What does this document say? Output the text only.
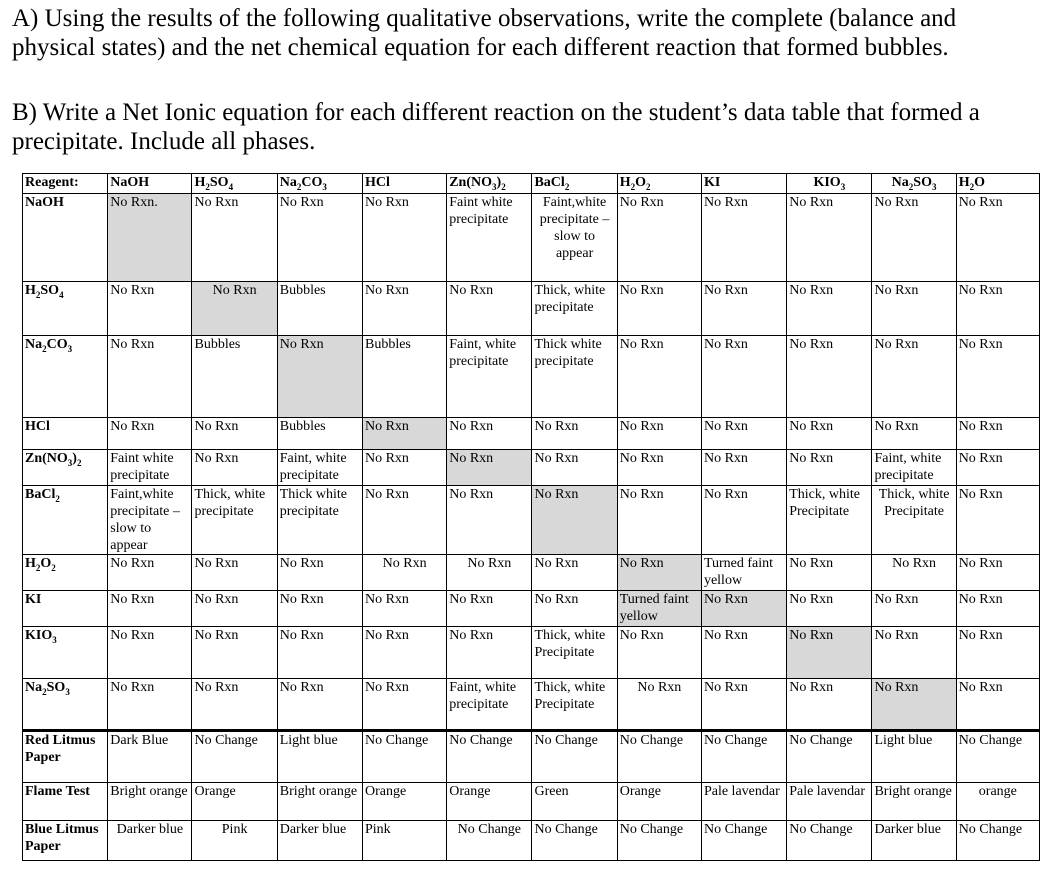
A) Using the results of the following qualitative observations, write the complete (balance and physical states) and the net chemical equation for each different reaction that formed bubbles.
B) Write a Net Ionic equation for each different reaction on the student’s data table that formed a precipitate. Include all phases.
Reagent:	NaOH	$H_2SO_4$	$Na_2CO_3$	HCl	$Zn(NO_3)_2$	BaCl$_2$	$H_2O_2$	KI	$KIO_3$	$Na_2SO_3$	$H_2O$
NaOH	No Rxn.	No Rxn	No Rxn	No Rxn	Faint white precipitate	Faint,white precipitate –slow to appear	No Rxn	No Rxn	No Rxn	No Rxn	No Rxn
$H_2SO_4$	No Rxn	No Rxn	Bubbles	No Rxn	No Rxn	Thick, white precipitate	No Rxn	No Rxn	No Rxn	No Rxn	No Rxn
$Na_2CO_3$	No Rxn	Bubbles	No Rxn	Bubbles	Faint, white precipitate	Thick white precipitate	No Rxn	No Rxn	No Rxn	No Rxn	No Rxn
HCl	No Rxn	No Rxn	Bubbles	No Rxn	No Rxn	No Rxn	No Rxn	No Rxn	No Rxn	No Rxn	No Rxn
$Zn(NO_3)_2$	Faint white precipitate	No Rxn	Faint, white precipitate	No Rxn	No Rxn	No Rxn	No Rxn	No Rxn	No Rxn	Faint, white precipitate	No Rxn
BaCl$_2$	Faint,white precipitate – slow to appear	Thick, white precipitate	Thick white precipitate	No Rxn	No Rxn	No Rxn	No Rxn	No Rxn	Thick, white Precipitate	Thick, white Precipitate	No Rxn
$H_2O_2$	No Rxn	No Rxn	No Rxn	No Rxn	No Rxn	No Rxn	No Rxn	Turned faint yellow	No Rxn	No Rxn	No Rxn
KI	No Rxn	No Rxn	No Rxn	No Rxn	No Rxn	No Rxn	Turned faint yellow	No Rxn	No Rxn	No Rxn	No Rxn
$KIO_3$	No Rxn	No Rxn	No Rxn	No Rxn	No Rxn	Thick, white Precipitate	No Rxn	No Rxn	No Rxn	No Rxn	No Rxn
$Na_2SO_3$	No Rxn	No Rxn	No Rxn	No Rxn	Faint, white precipitate	Thick, white Precipitate	No Rxn	No Rxn	No Rxn	No Rxn	No Rxn
Red Litmus Paper	Dark Blue	No Change	Light blue	No Change	No Change	No Change	No Change	No Change	No Change	Light blue	No Change
Flame Test	Bright orange	Orange	Bright orange	Orange	Orange	Green	Orange	Pale lavendar	Pale lavendar	Bright orange	orange
Blue Litmus Paper	Darker blue	Pink	Darker blue	Pink	No Change	No Change	No Change	No Change	No Change	Darker blue	No Change
